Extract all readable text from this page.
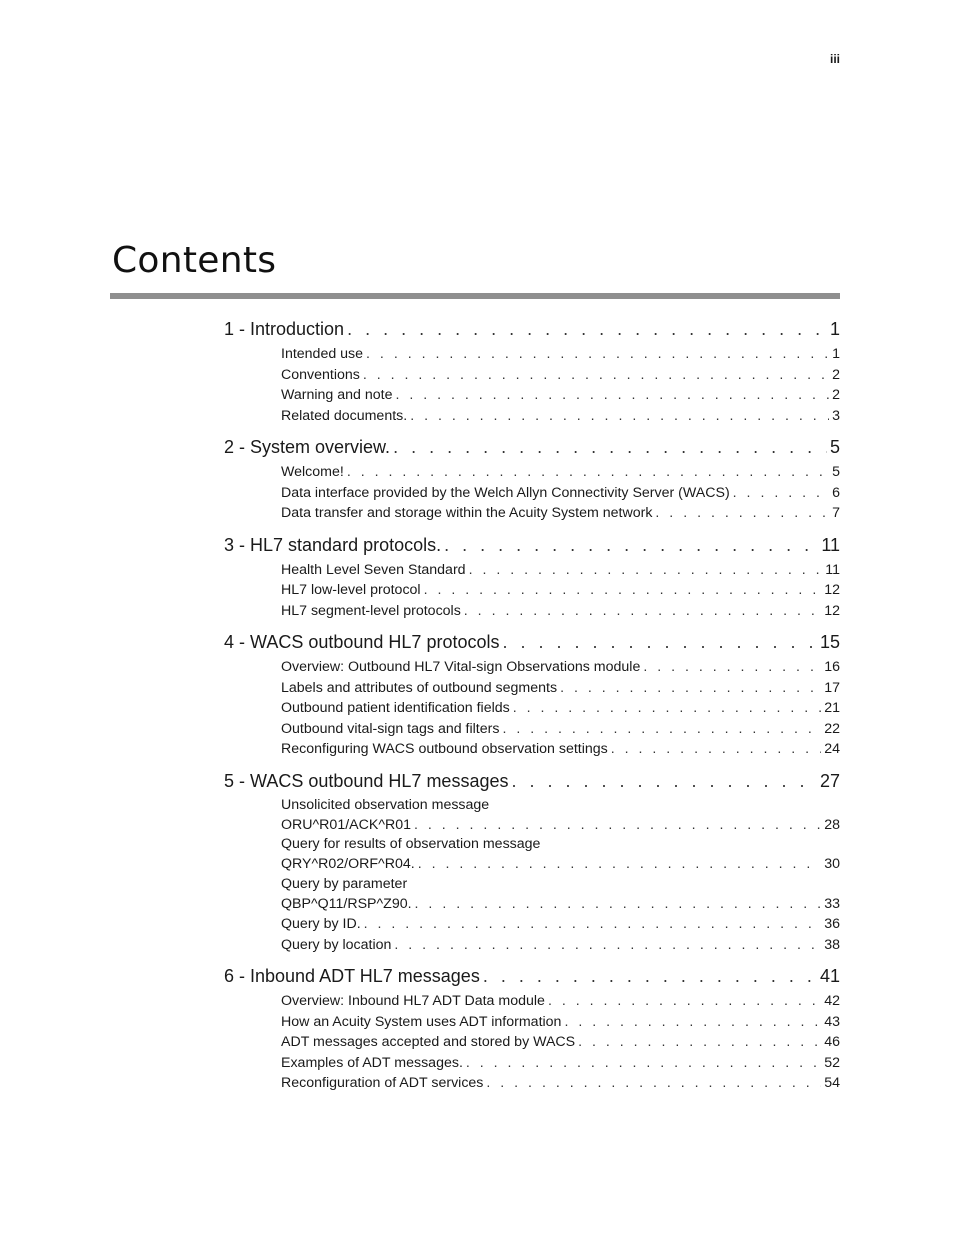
iii
Contents
1 - Introduction . . .	1
Intended use . . .	1
Conventions . . .	2
Warning and note . . .	2
Related documents. . . .	3
2 - System overview. . . .	5
Welcome! . . .	5
Data interface provided by the Welch Allyn Connectivity Server (WACS) . . .	6
Data transfer and storage within the Acuity System network . . .	7
3 - HL7 standard protocols. . . .	11
Health Level Seven Standard . . .	11
HL7 low-level protocol . . .	12
HL7 segment-level protocols . . .	12
4 - WACS outbound HL7 protocols . . .	15
Overview: Outbound HL7 Vital-sign Observations module . . .	16
Labels and attributes of outbound segments . . .	17
Outbound patient identification fields . . .	21
Outbound vital-sign tags and filters . . .	22
Reconfiguring WACS outbound observation settings . . .	24
5 - WACS outbound HL7 messages . . .	27
Unsolicited observation message
ORU^R01/ACK^R01 . . .	28
Query for results of observation message
QRY^R02/ORF^R04. . . .	30
Query by parameter
QBP^Q11/RSP^Z90. . . .	33
Query by ID. . . .	36
Query by location . . .	38
6 - Inbound ADT HL7 messages . . .	41
Overview: Inbound HL7 ADT Data module . . .	42
How an Acuity System uses ADT information . . .	43
ADT messages accepted and stored by WACS . . .	46
Examples of ADT messages. . . .	52
Reconfiguration of ADT services . . .	54
